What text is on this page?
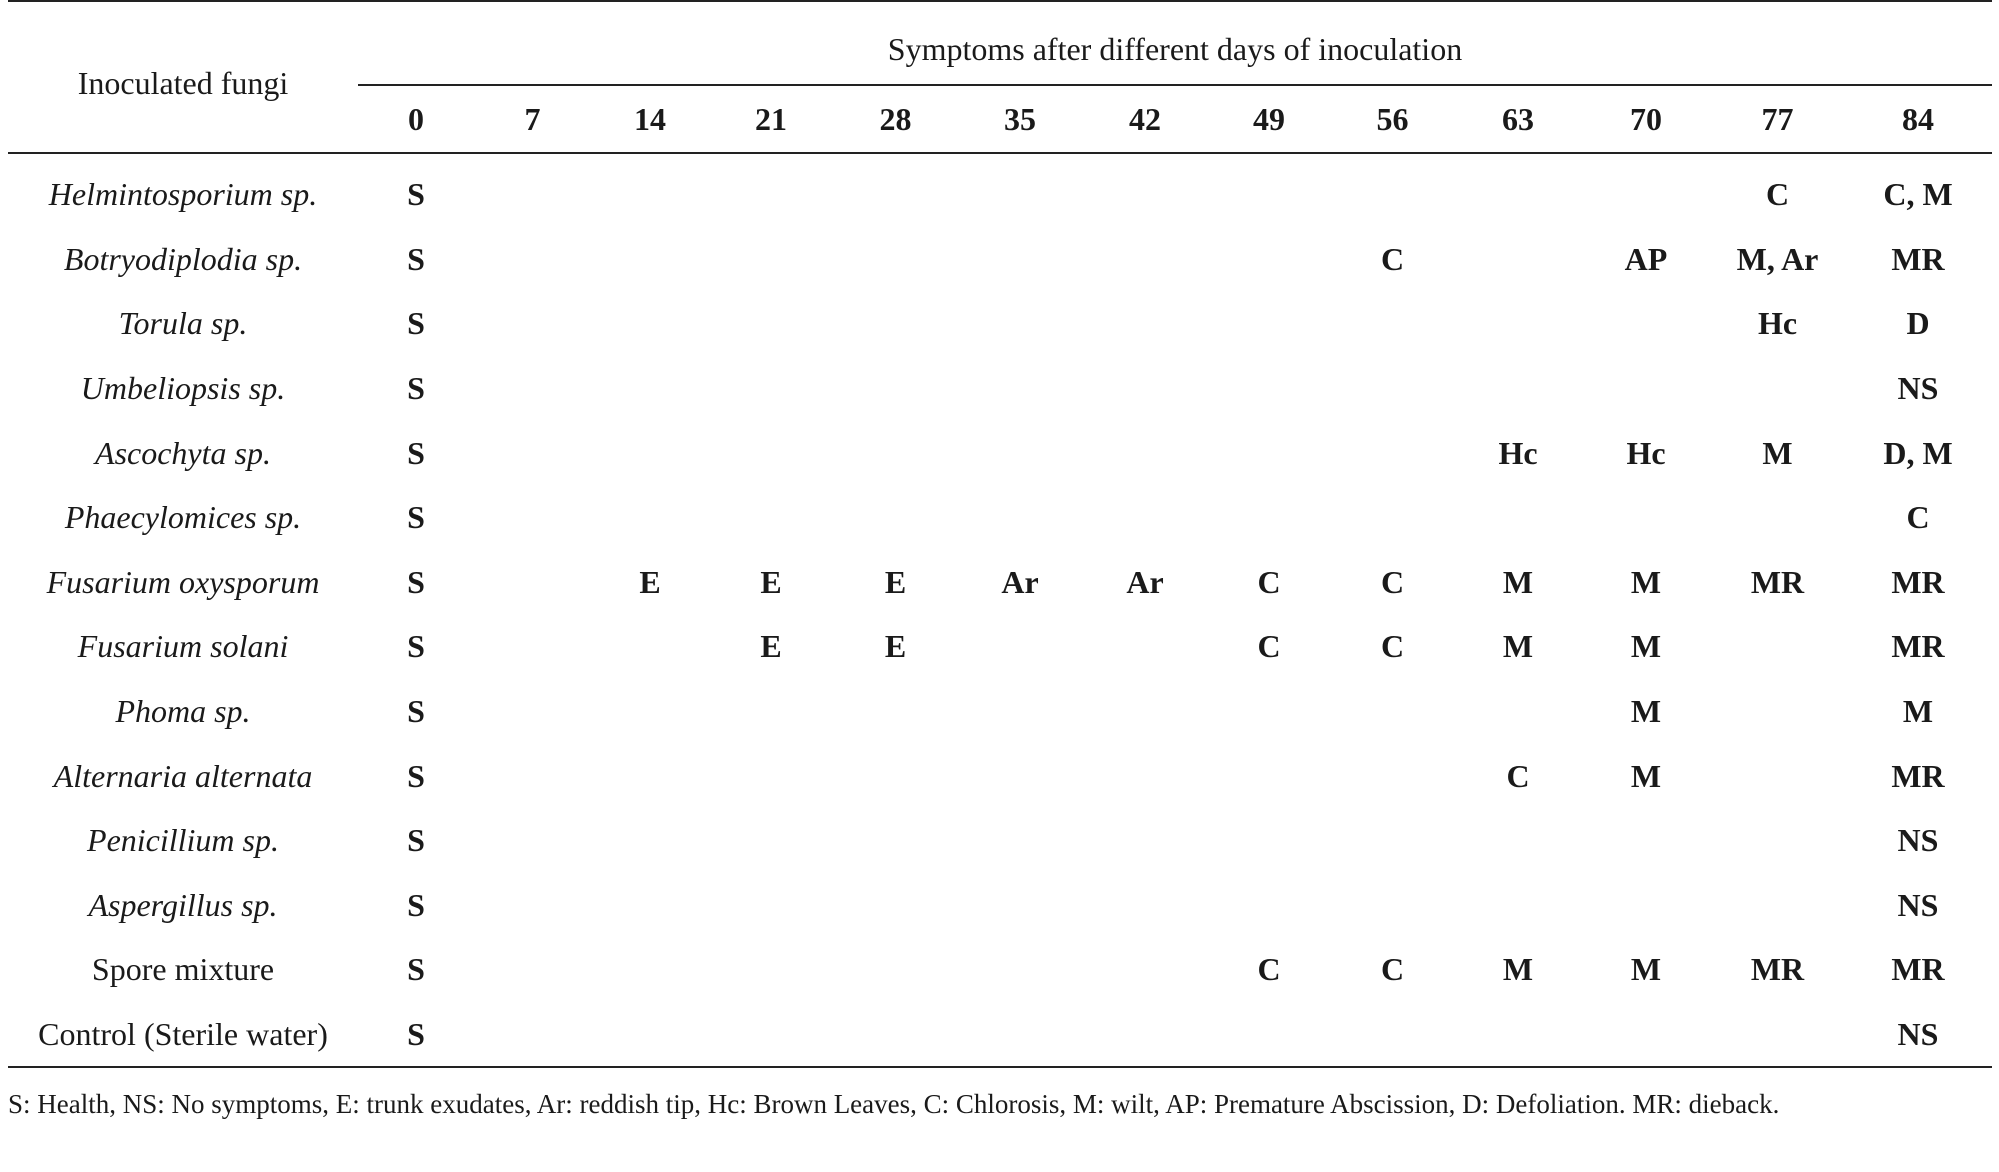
Inoculated fungi	Symptoms after different days of inoculation												
	0	7	14	21	28	35	42	49	56	63	70	77	84

Helmintosporium sp.	S											C	C, M
Botryodiplodia sp.	S								C		AP	M, Ar	MR
Torula sp.	S											Hc	D
Umbeliopsis sp.	S												NS
Ascochyta sp.	S									Hc	Hc	M	D, M
Phaecylomices sp.	S												C
Fusarium oxysporum	S		E	E	E	Ar	Ar	C	C	M	M	MR	MR
Fusarium solani	S			E	E			C	C	M	M		MR
Phoma sp.	S										M		M
Alternaria alternata	S									C	M		MR
Penicillium sp.	S												NS
Aspergillus sp.	S												NS
Spore mixture	S							C	C	M	M	MR	MR
Control (Sterile water)	S												NS
S: Health, NS: No symptoms, E: trunk exudates, Ar: reddish tip, Hc: Brown Leaves, C: Chlorosis, M: wilt, AP: Premature Abscission, D: Defoliation. MR: dieback.
